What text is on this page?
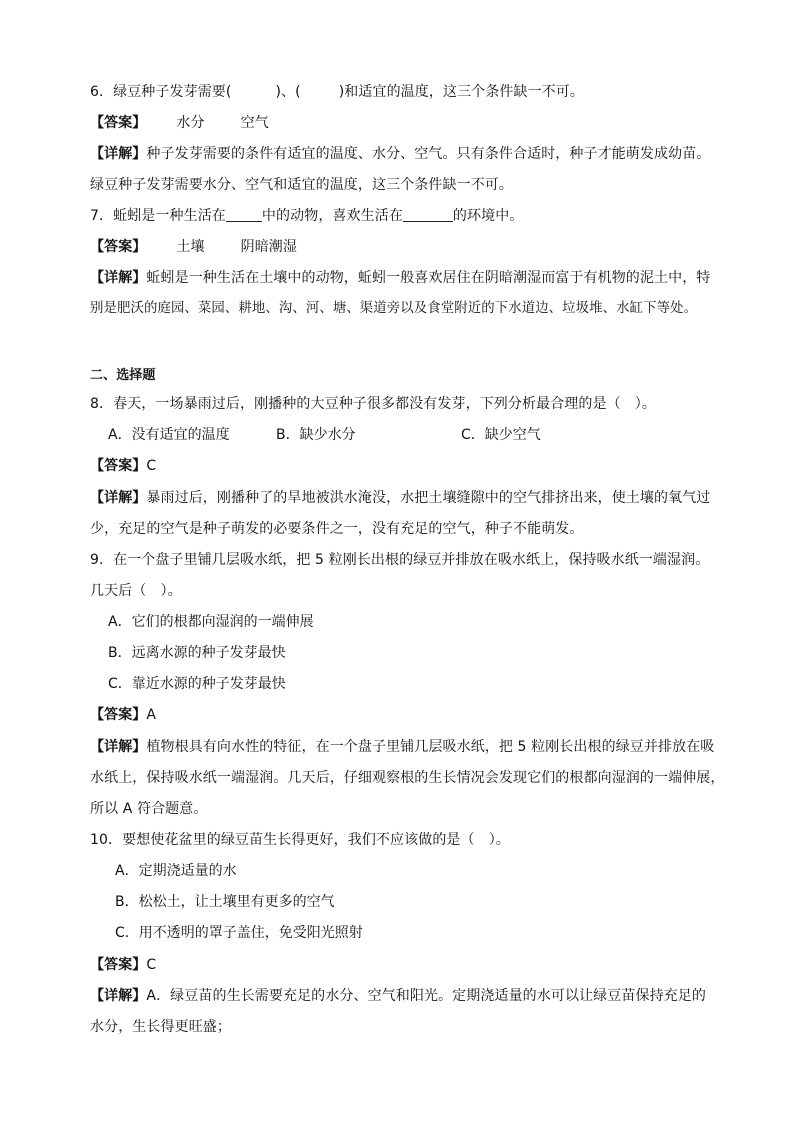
6．绿豆种子发芽需要(	)、(	)和适宜的温度，这三个条件缺一不可。
【答案】 水分	空气
【详解】种子发芽需要的条件有适宜的温度、水分、空气。只有条件合适时，种子才能萌发成幼苗。
绿豆种子发芽需要水分、空气和适宜的温度，这三个条件缺一不可。
7．蚯蚓是一种生活在	中的动物，喜欢生活在	的环境中。
【答案】 土壤	阴暗潮湿
【详解】蚯蚓是一种生活在土壤中的动物，蚯蚓一般喜欢居住在阴暗潮湿而富于有机物的泥土中，特
别是肥沃的庭园、菜园、耕地、沟、河、塘、渠道旁以及食堂附近的下水道边、垃圾堆、水缸下等处。
二、选择题
8．春天，一场暴雨过后，刚播种的大豆种子很多都没有发芽，下列分析最合理的是（　）。
A．没有适宜的温度	B．缺少水分	C．缺少空气
【答案】C
【详解】暴雨过后，刚播种了的旱地被洪水淹没，水把土壤缝隙中的空气排挤出来，使土壤的氧气过
少，充足的空气是种子萌发的必要条件之一，没有充足的空气，种子不能萌发。
9．在一个盘子里铺几层吸水纸，把 5 粒刚长出根的绿豆并排放在吸水纸上，保持吸水纸一端湿润。
几天后（　）。
A．它们的根都向湿润的一端伸展
B．远离水源的种子发芽最快
C．靠近水源的种子发芽最快
【答案】A
【详解】植物根具有向水性的特征，在一个盘子里铺几层吸水纸，把 5 粒刚长出根的绿豆并排放在吸
水纸上，保持吸水纸一端湿润。几天后，仔细观察根的生长情况会发现它们的根都向湿润的一端伸展，
所以 A 符合题意。
10．要想使花盆里的绿豆苗生长得更好，我们不应该做的是（　）。
A．定期浇适量的水
B．松松土，让土壤里有更多的空气
C．用不透明的罩子盖住，免受阳光照射
【答案】C
【详解】A．绿豆苗的生长需要充足的水分、空气和阳光。定期浇适量的水可以让绿豆苗保持充足的
水分，生长得更旺盛；
